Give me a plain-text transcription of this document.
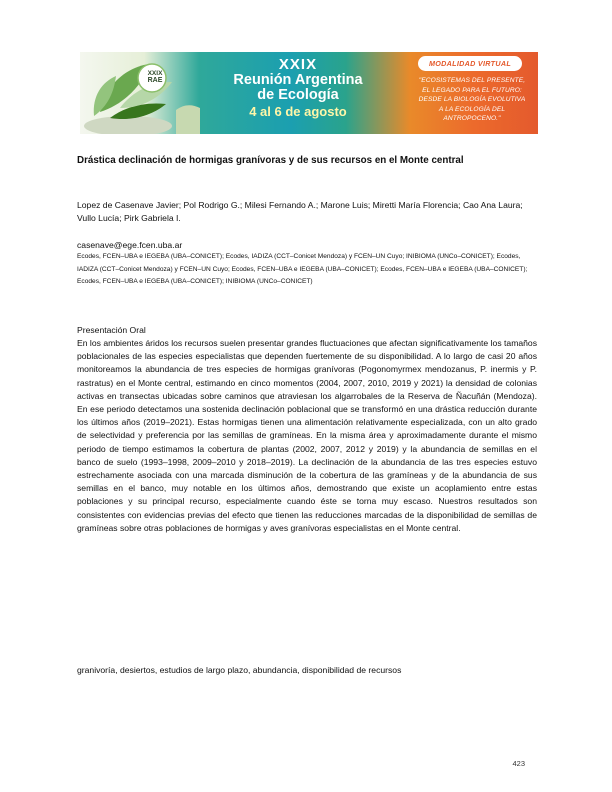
XXIX
RAE
XXIX
Reunión Argentina
de Ecología
4 al 6 de agosto
MODALIDAD VIRTUAL
"ECOSISTEMAS DEL PRESENTE,
EL LEGADO PARA EL FUTURO:
DESDE LA BIOLOGÍA EVOLUTIVA
A LA ECOLOGÍA DEL ANTROPOCENO."
Drástica declinación de hormigas granívoras y de sus recursos en el Monte central
Lopez de Casenave Javier; Pol Rodrigo G.; Milesi Fernando A.; Marone Luis; Miretti María Florencia; Cao Ana Laura; Vullo Lucía; Pirk Gabriela I.
casenave@ege.fcen.uba.ar
Ecodes, FCEN–UBA e IEGEBA (UBA–CONICET); Ecodes, IADIZA (CCT–Conicet Mendoza) y FCEN–UN Cuyo; INIBIOMA (UNCo–CONICET); Ecodes, IADIZA (CCT–Conicet Mendoza) y FCEN–UN Cuyo; Ecodes, FCEN–UBA e IEGEBA (UBA–CONICET); Ecodes, FCEN–UBA e IEGEBA (UBA–CONICET); Ecodes, FCEN–UBA e IEGEBA (UBA–CONICET); INIBIOMA (UNCo–CONICET)
Presentación Oral
En los ambientes áridos los recursos suelen presentar grandes fluctuaciones que afectan significativamente los tamaños poblacionales de las especies especialistas que dependen fuertemente de su disponibilidad. A lo largo de casi 20 años monitoreamos la abundancia de tres especies de hormigas granívoras (Pogonomyrmex mendozanus, P. inermis y P. rastratus) en el Monte central, estimando en cinco momentos (2004, 2007, 2010, 2019 y 2021) la densidad de colonias activas en transectas ubicadas sobre caminos que atraviesan los algarrobales de la Reserva de Ñacuñán (Mendoza). En ese periodo detectamos una sostenida declinación poblacional que se transformó en una drástica reducción durante los últimos años (2019–2021). Estas hormigas tienen una alimentación relativamente especializada, con un alto grado de selectividad y preferencia por las semillas de gramíneas. En la misma área y aproximadamente durante el mismo periodo de tiempo estimamos la cobertura de plantas (2002, 2007, 2012 y 2019) y la abundancia de semillas en el banco de suelo (1993–1998, 2009–2010 y 2018–2019). La declinación de la abundancia de las tres especies estuvo estrechamente asociada con una marcada disminución de la cobertura de las gramíneas y de la abundancia de sus semillas en el banco, muy notable en los últimos años, demostrando que existe un acoplamiento entre estas poblaciones y su principal recurso, especialmente cuando éste se torna muy escaso. Nuestros resultados son consistentes con evidencias previas del efecto que tienen las reducciones marcadas de la disponibilidad de semillas de gramíneas sobre otras poblaciones de hormigas y aves granívoras especialistas en el Monte central.
granivoría, desiertos, estudios de largo plazo, abundancia, disponibilidad de recursos
423
